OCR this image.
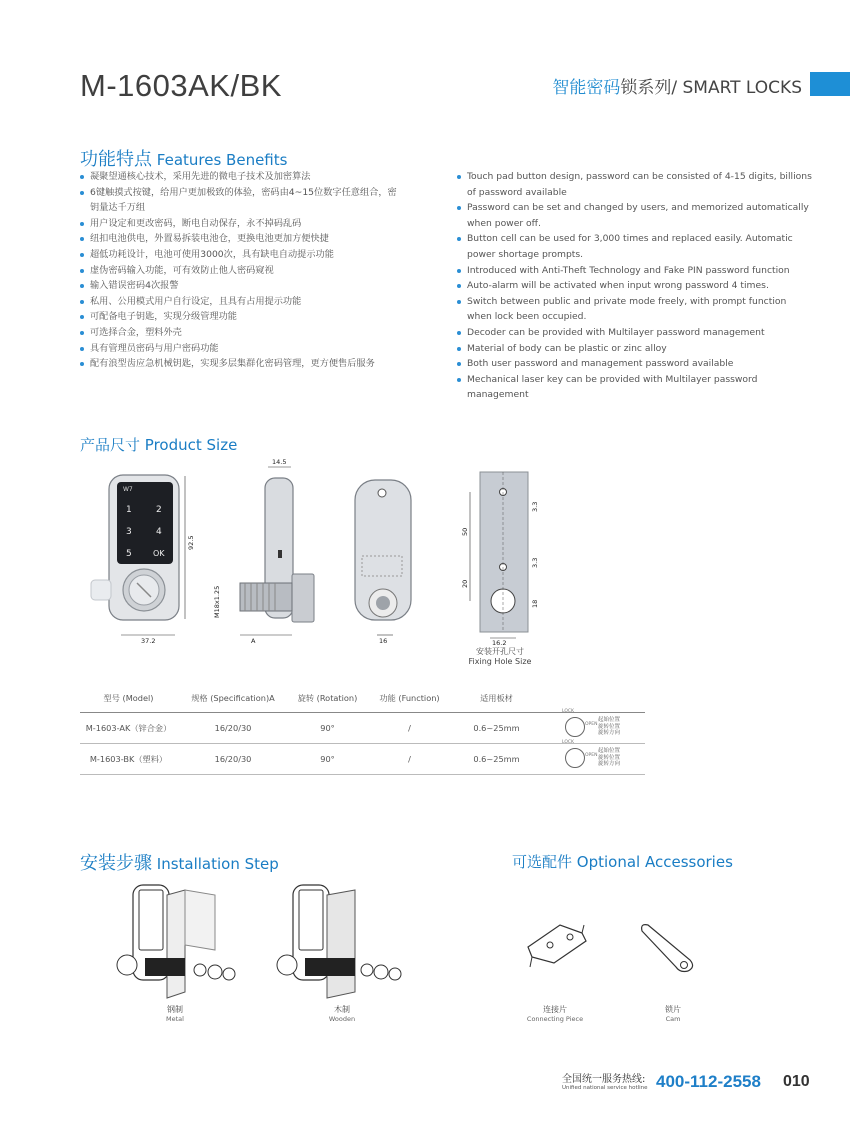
M-1603AK/BK	智能密码锁系列/ SMART LOCKS
功能特点 Features Benefits
凝聚望通核心技术，采用先进的微电子技术及加密算法
6键触摸式按键，给用户更加极致的体验，密码由4~15位数字任意组合，密钥量达千万组
用户设定和更改密码，断电自动保存，永不掉码乱码
纽扣电池供电，外置易拆装电池仓，更换电池更加方便快捷
超低功耗设计，电池可使用3000次，具有缺电自动提示功能
虚伪密码输入功能，可有效防止他人密码窥视
输入错误密码4次报警
私用、公用模式用户自行设定，且具有占用提示功能
可配备电子钥匙，实现分级管理功能
可选择合金，塑料外壳
具有管理员密码与用户密码功能
配有浪型齿应急机械钥匙，实现多层集群化密码管理，更方便售后服务
Touch pad button design, password can be consisted of 4-15 digits, billions of password available
Password can be set and changed by users, and memorized automatically when power off.
Button cell can be used for 3,000 times and replaced easily. Automatic power shortage prompts.
Introduced with Anti-Theft Technology and Fake PIN password function
Auto-alarm will be activated when input wrong password 4 times.
Switch between public and private mode freely, with prompt function when lock been occupied.
Decoder can be provided with Multilayer password management
Material of body can be plastic or zinc alloy
Both user password and management password available
Mechanical laser key can be provided with Multilayer password management
产品尺寸 Product Size
W7
1	2
3	4
5	OK
92.5
37.2
14.5
M18x1.25
A	16
3.3
3.3
18
50
20
16.2
安装开孔尺寸
Fixing Hole Size
型号 (Model)	规格 (Specification)A	旋转 (Rotation)	功能 (Function)	适用板材	
M-1603-AK（锌合金）	16/20/30	90°	/	0.6~25mm	LOCK
OPEN
起始位置
旋转位置
旋转方向

M-1603-BK（塑料）	16/20/30	90°	/	0.6~25mm	LOCK
OPEN
起始位置
旋转位置
旋转方向
安装步骤 Installation Step
钢制
Metal
木制
Wooden
可选配件 Optional Accessories
连接片
Connecting Piece
锁片
Cam
全国统一服务热线:
Unified national service hotline 400-112-2558 010
